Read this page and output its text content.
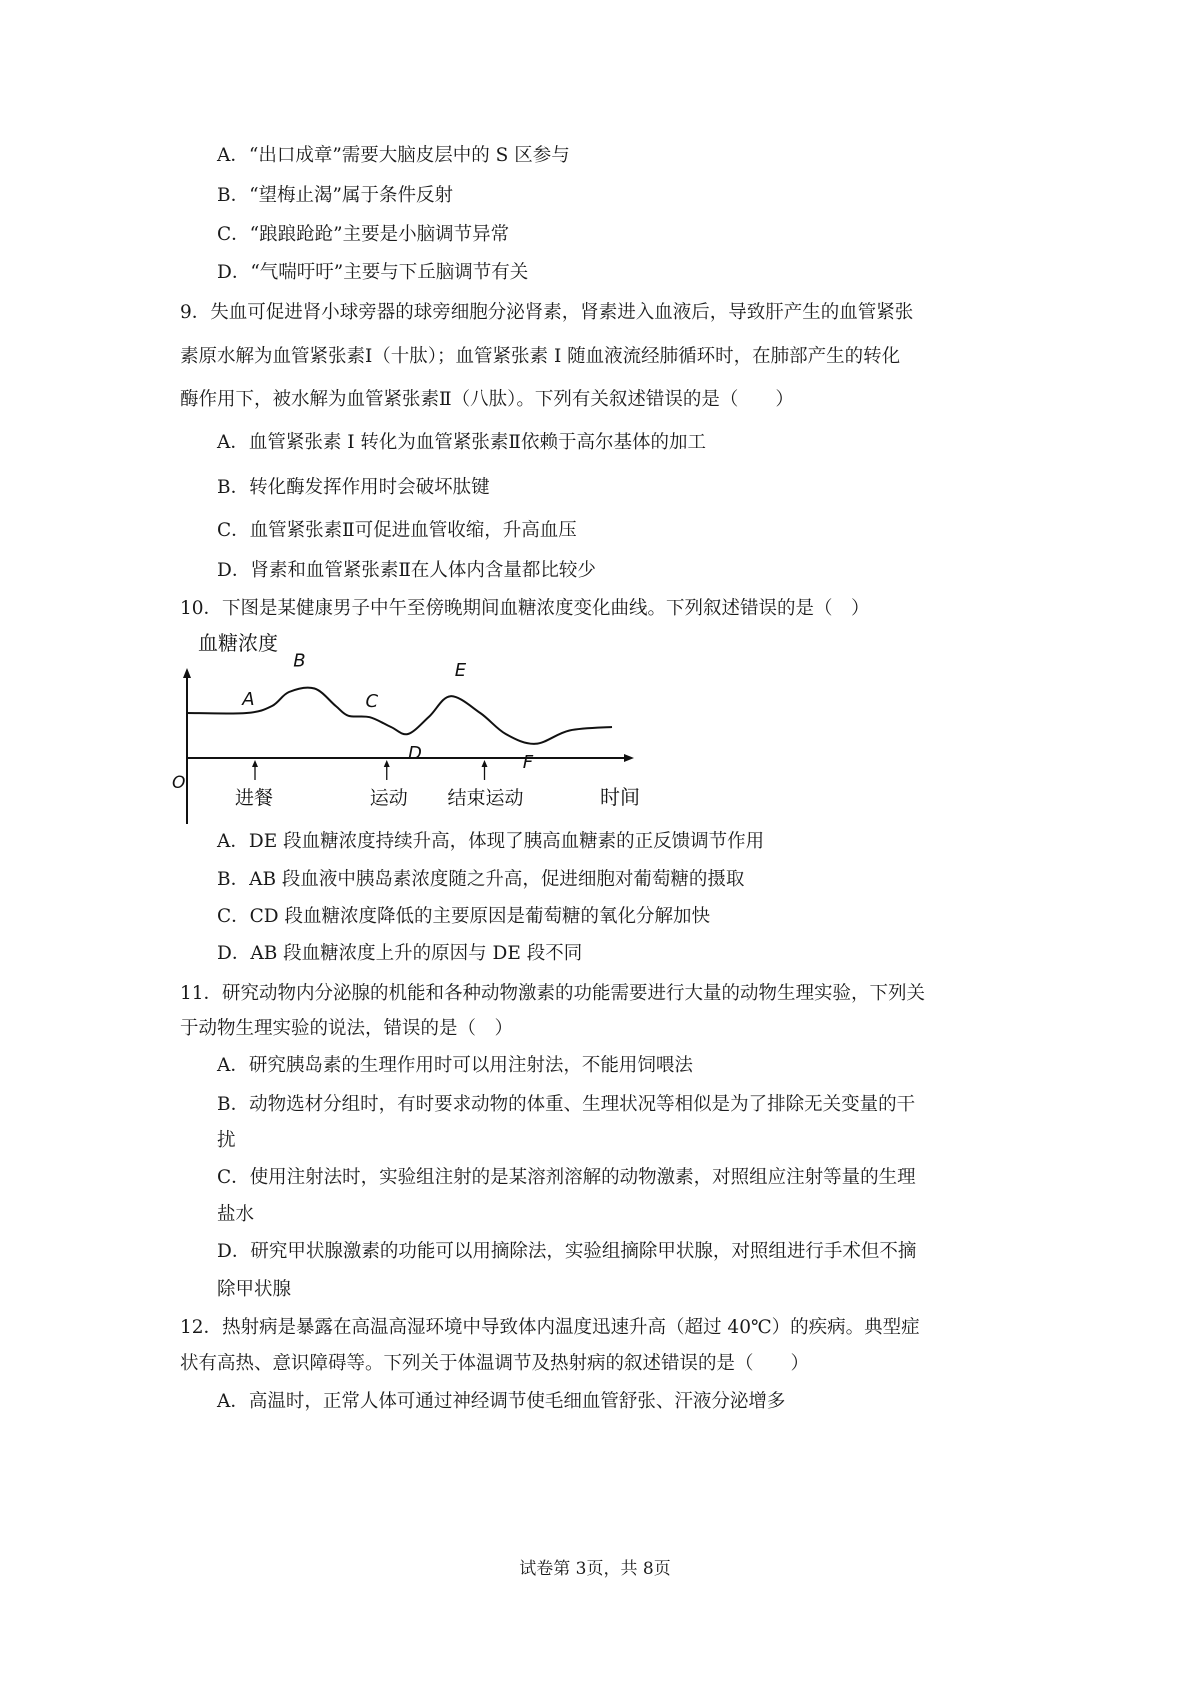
A．“出口成章”需要大脑皮层中的 S 区参与
B．“望梅止渴”属于条件反射
C．“踉踉跄跄”主要是小脑调节异常
D．“气喘吁吁”主要与下丘脑调节有关
9．失血可促进肾小球旁器的球旁细胞分泌肾素，肾素进入血液后，导致肝产生的血管紧张
素原水解为血管紧张素Ⅰ（十肽）；血管紧张素 I 随血液流经肺循环时，在肺部产生的转化
酶作用下，被水解为血管紧张素Ⅱ（八肽）。下列有关叙述错误的是（　　）
A．血管紧张素 I 转化为血管紧张素Ⅱ依赖于高尔基体的加工
B．转化酶发挥作用时会破坏肽键
C．血管紧张素Ⅱ可促进血管收缩，升高血压
D．肾素和血管紧张素Ⅱ在人体内含量都比较少
10．下图是某健康男子中午至傍晚期间血糖浓度变化曲线。下列叙述错误的是（　）
血糖浓度
时间
O
A
B
C
D
E
F
进餐	运动 结束运动
A．DE 段血糖浓度持续升高，体现了胰高血糖素的正反馈调节作用
B．AB 段血液中胰岛素浓度随之升高，促进细胞对葡萄糖的摄取
C．CD 段血糖浓度降低的主要原因是葡萄糖的氧化分解加快
D．AB 段血糖浓度上升的原因与 DE 段不同
11．研究动物内分泌腺的机能和各种动物激素的功能需要进行大量的动物生理实验，下列关
于动物生理实验的说法，错误的是（　）
A．研究胰岛素的生理作用时可以用注射法，不能用饲喂法
B．动物选材分组时，有时要求动物的体重、生理状况等相似是为了排除无关变量的干
扰
C．使用注射法时，实验组注射的是某溶剂溶解的动物激素，对照组应注射等量的生理
盐水
D．研究甲状腺激素的功能可以用摘除法，实验组摘除甲状腺，对照组进行手术但不摘
除甲状腺
12．热射病是暴露在高温高湿环境中导致体内温度迅速升高（超过 40℃）的疾病。典型症
状有高热、意识障碍等。下列关于体温调节及热射病的叙述错误的是（　　）
A．高温时，正常人体可通过神经调节使毛细血管舒张、汗液分泌增多
试卷第 3页，共 8页
